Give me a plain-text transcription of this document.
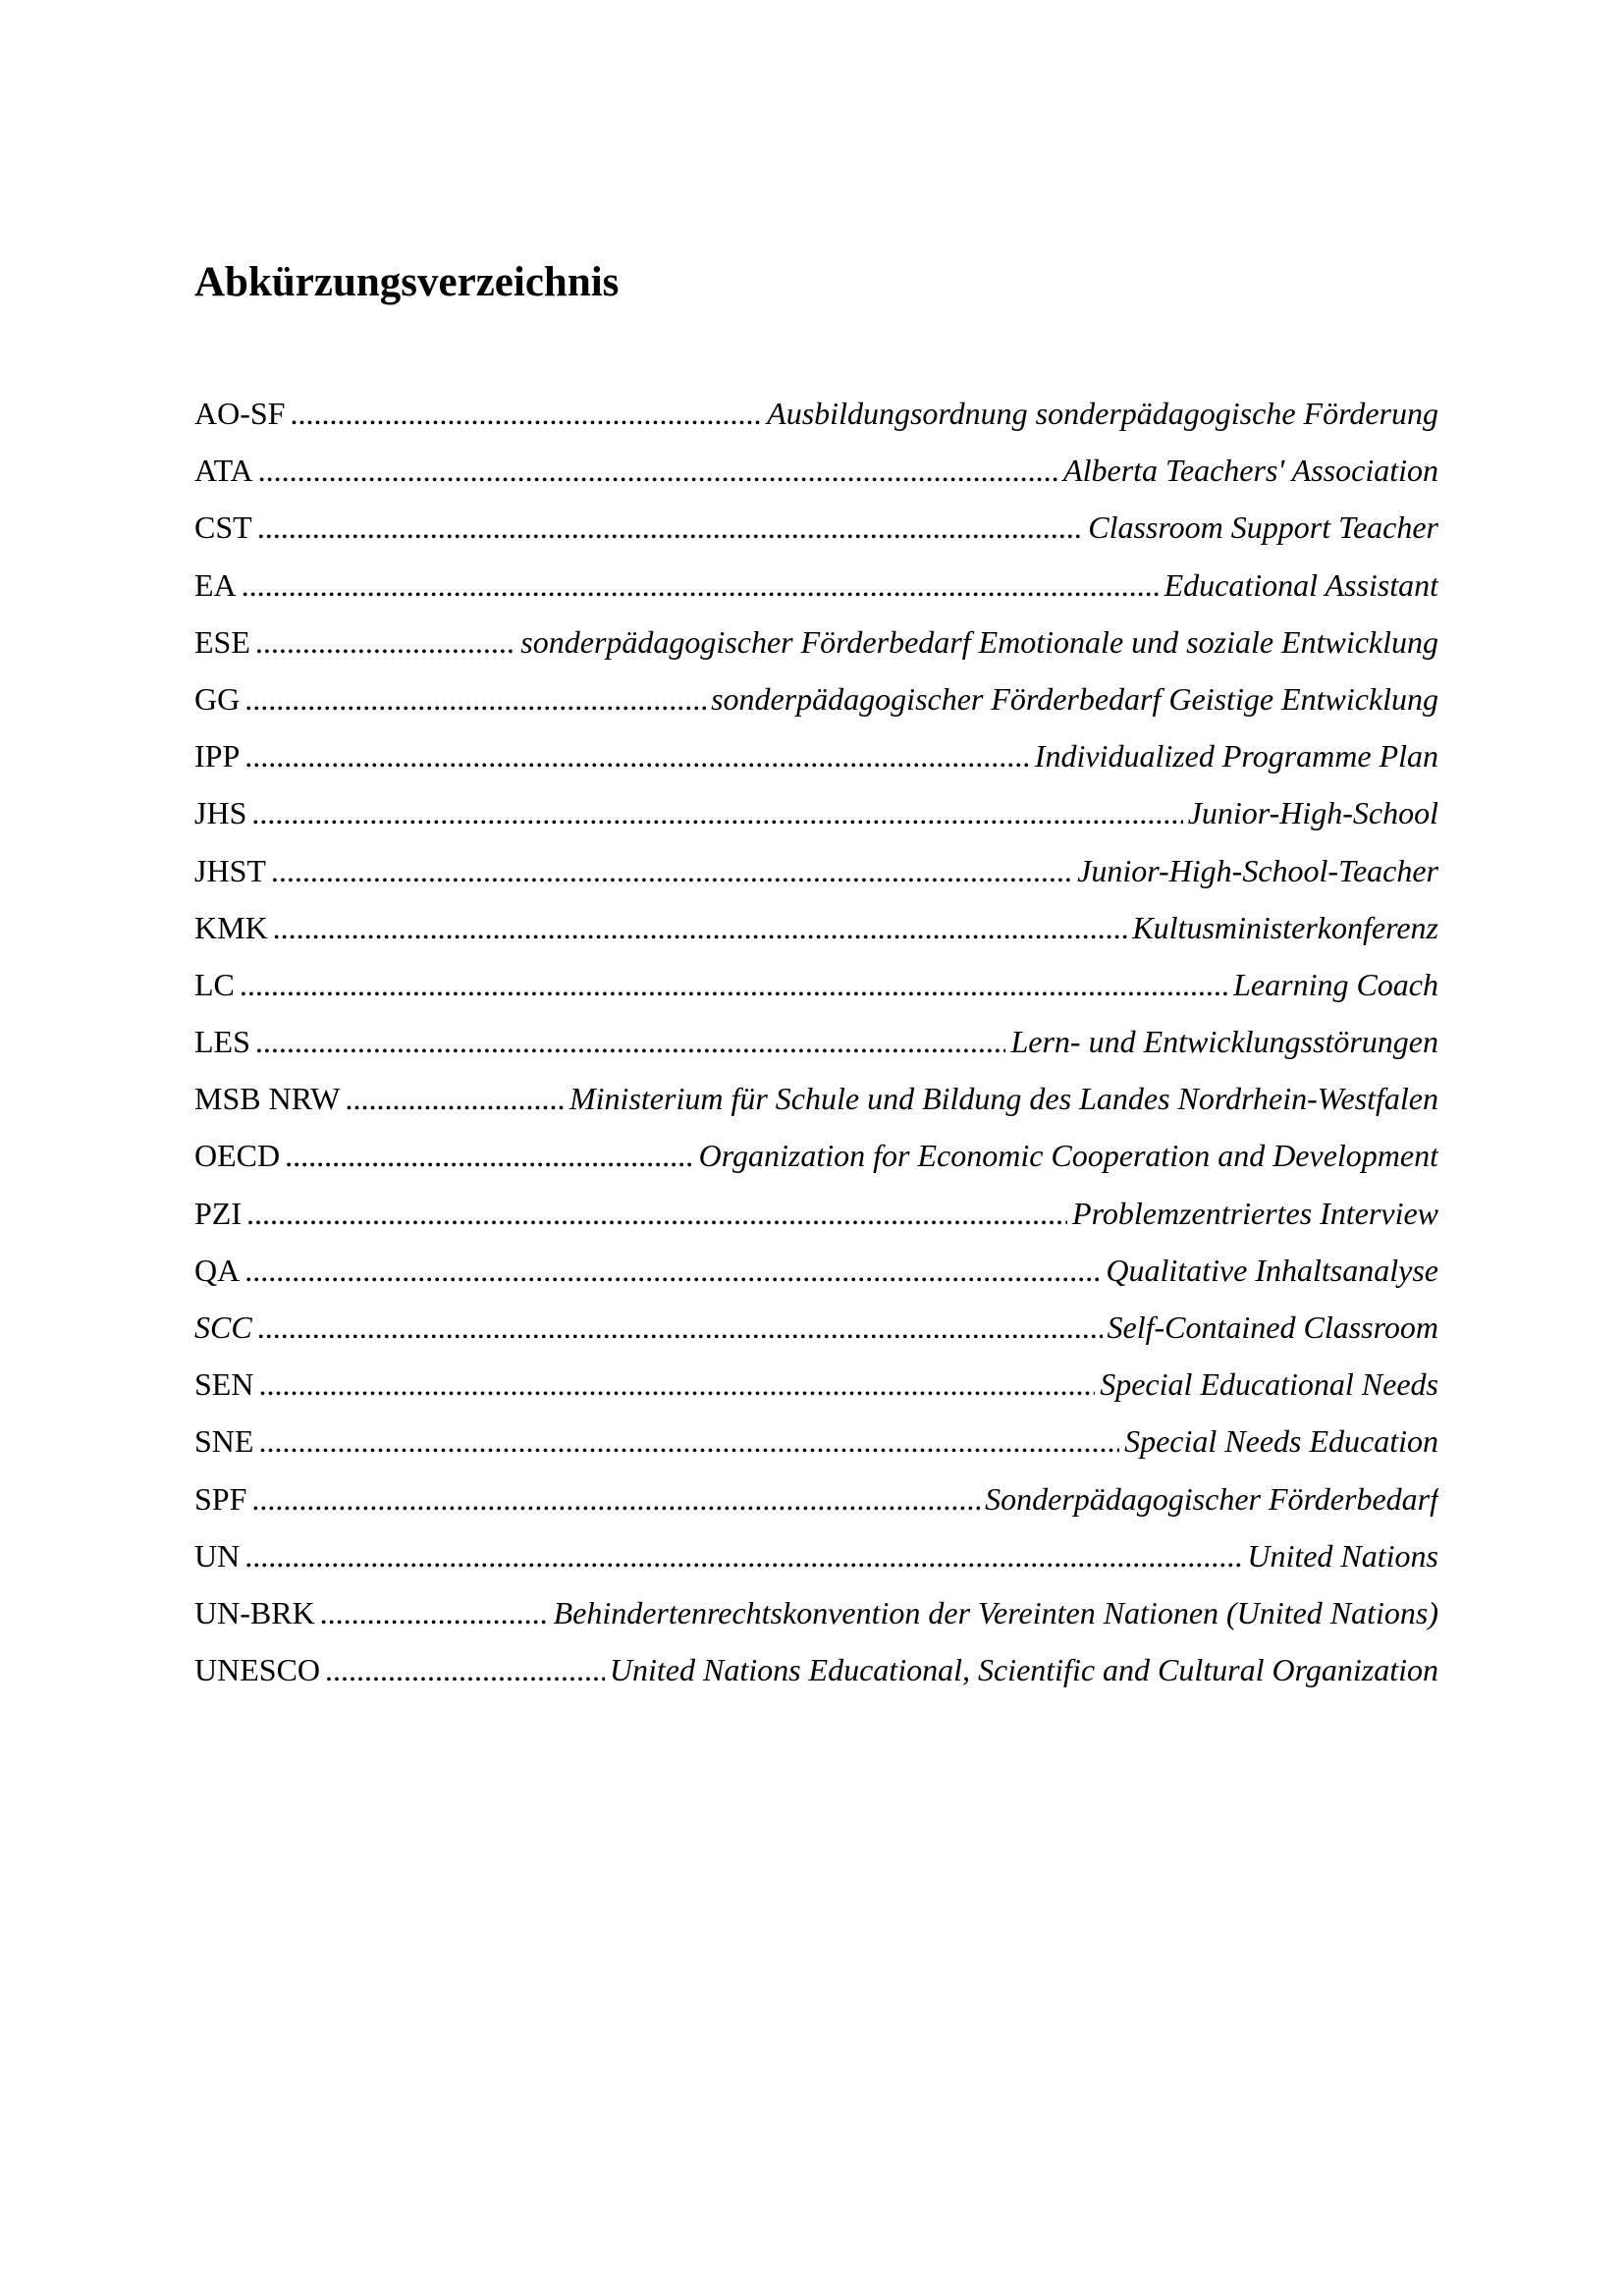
Abkürzungsverzeichnis
AO-SF .....	Ausbildungsordnung sonderpädagogische Förderung
ATA .....	Alberta Teachers' Association
CST .....	Classroom Support Teacher
EA .....	Educational Assistant
ESE .....	sonderpädagogischer Förderbedarf Emotionale und soziale Entwicklung
GG .....	sonderpädagogischer Förderbedarf Geistige Entwicklung
IPP .....	Individualized Programme Plan
JHS .....	Junior-High-School
JHST .....	Junior-High-School-Teacher
KMK .....	Kultusministerkonferenz
LC .....	Learning Coach
LES .....	Lern- und Entwicklungsstörungen
MSB NRW .....	Ministerium für Schule und Bildung des Landes Nordrhein-Westfalen
OECD .....	Organization for Economic Cooperation and Development
PZI .....	Problemzentriertes Interview
QA .....	Qualitative Inhaltsanalyse
SCC .....	Self-Contained Classroom
SEN .....	Special Educational Needs
SNE .....	Special Needs Education
SPF .....	Sonderpädagogischer Förderbedarf
UN .....	United Nations
UN-BRK .....	Behindertenrechtskonvention der Vereinten Nationen (United Nations)
UNESCO .....	United Nations Educational, Scientific and Cultural Organization
